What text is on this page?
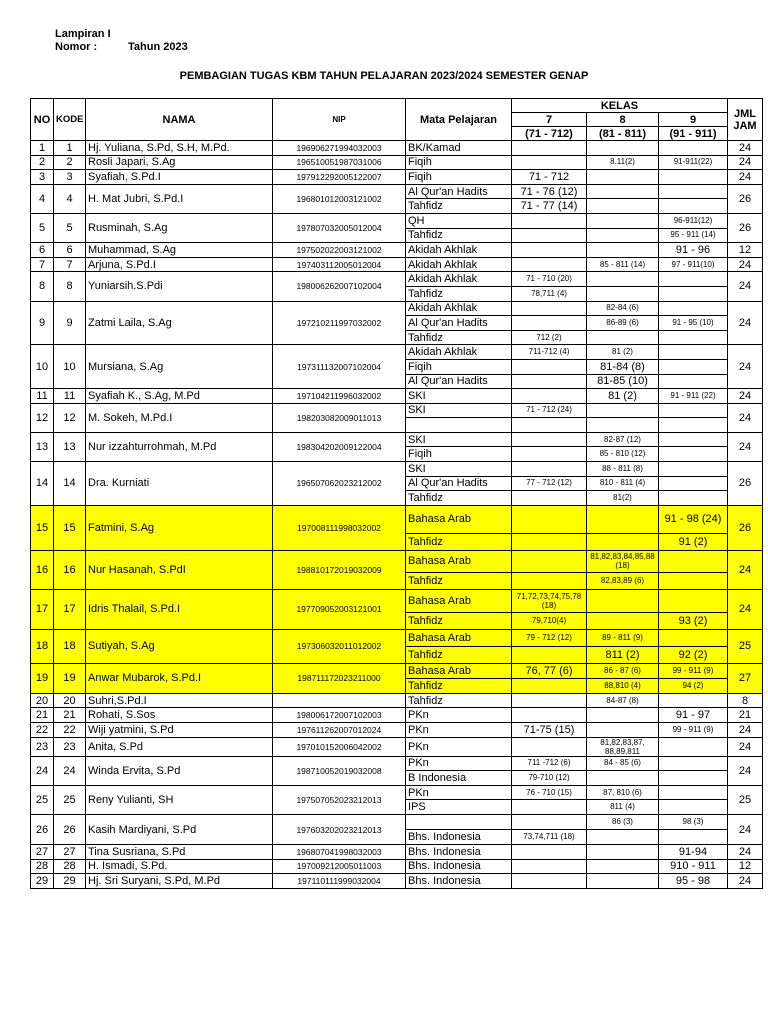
Lampiran I
Nomor :	Tahun 2023
PEMBAGIAN TUGAS KBM TAHUN PELAJARAN 2023/2024 SEMESTER GENAP
NO	KODE	NAMA	NIP	Mata Pelajaran	KELAS			JML
JAM

					7	8	9	
					(71 - 712)	(81 - 811)	(91 - 911)	
1	1	Hj. Yuliana, S.Pd, S.H, M.Pd.	196906271994032003	BK/Kamad				24
2	2	Rosli Japari, S.Ag	196510051987031006	Fiqih		8.11(2)	91-911(22)	24
3	3	Syafiah, S.Pd.I	197912292005122007	Fiqih	71 - 712			24
4	4	H. Mat Jubri, S.Pd.I	196801012003121002	Al Qur'an Hadits	71 - 76 (12)			26
				Tahfidz	71 - 77 (14)			
5	5	Rusminah, S.Ag	197807032005012004	QH			96-911(12)	26
				Tahfidz			95 - 911 (14)	
6	6	Muhammad, S.Ag	197502022003121002	Akidah Akhlak			91 - 96	12
7	7	Arjuna, S.Pd.I	197403112005012004	Akidah Akhlak		85 - 811 (14)	97 - 911(10)	24
8	8	Yuniarsih.S.Pdi	198006262007102004	Akidah Akhlak	71 - 710 (20)			24
				Tahfidz	78,711 (4)			
9	9	Zatmi Laila, S.Ag	197210211997032002	Akidah Akhlak		82-84 (6)		24
				Al Qur'an Hadits		86-89 (6)	91 - 95 (10)	
				Tahfidz	712 (2)			
10	10	Mursiana, S.Ag	197311132007102004	Akidah Akhlak	711-712 (4)	81 (2)		24
				Fiqih		81-84 (8)		
				Al Qur'an Hadits		81-85 (10)		
11	11	Syafiah K., S.Ag, M.Pd	197104211996032002	SKI		81 (2)	91 - 911 (22)	24
12	12	M. Sokeh, M.Pd.I	198203082009011013	SKI	71 - 712 (24)			24

13	13	Nur izzahturrohmah, M.Pd	198304202009122004	SKI		82-87 (12)		24
				Fiqih		85 - 810 (12)		
14	14	Dra. Kurniati	196507062023212002	SKI		88 - 811 (8)		26
				Al Qur'an Hadits	77 - 712 (12)	810 - 811 (4)		
				Tahfidz		81(2)		
15	15	Fatmini, S.Ag	197008111998032002	Bahasa Arab			91 - 98 (24)	26
				Tahfidz			91 (2)	
16	16	Nur Hasanah, S.PdI	198810172019032009	Bahasa Arab		81,82,83,84,85,88 (18)		24
				Tahfidz		82,83,89 (6)		
17	17	Idris Thalail, S.Pd.I	197709052003121001	Bahasa Arab	71,72,73,74,75,78 (18)			24
				Tahfidz	79,710(4)		93 (2)	
18	18	Sutiyah, S.Ag	197306032011012002	Bahasa Arab	79 - 712 (12)	89 - 811 (9)		25
				Tahfidz		811 (2)	92 (2)	
19	19	Anwar Mubarok, S.Pd.I	198711172023211000	Bahasa Arab	76, 77 (6)	86 - 87 (6)	99 - 911 (9)	27
				Tahfidz		88,810 (4)	94 (2)	
20	20	Suhri,S.Pd.I		Tahfidz		84-87 (8)		8
21	21	Rohati, S.Sos	198006172007102003	PKn			91 - 97	21
22	22	Wiji yatmini, S.Pd	197611262007012024	PKn	71-75 (15)		99 - 911 (9)	24
23	23	Anita, S.Pd	197010152006042002	PKn		81,82,83,87, 88,89,811		24
24	24	Winda Ervita, S.Pd	198710052019032008	PKn	711 -712 (6)	84 - 85 (6)		24
				B Indonesia	79-710 (12)			
25	25	Reny Yulianti, SH	197507052023212013	PKn	76 - 710 (15)	87, 810 (6)		25
				IPS		811 (4)		
26	26	Kasih Mardiyani, S.Pd	197603202023212013			86 (3)	98 (3)	24
				Bhs. Indonesia	73,74,711 (18)			
27	27	Tina Susriana, S.Pd	196807041998032003	Bhs. Indonesia			91-94	24
28	28	H. Ismadi, S.Pd.	197009212005011003	Bhs. Indonesia			910 - 911	12
29	29	Hj. Sri Suryani, S.Pd, M.Pd	197110111999032004	Bhs. Indonesia			95 - 98	24
